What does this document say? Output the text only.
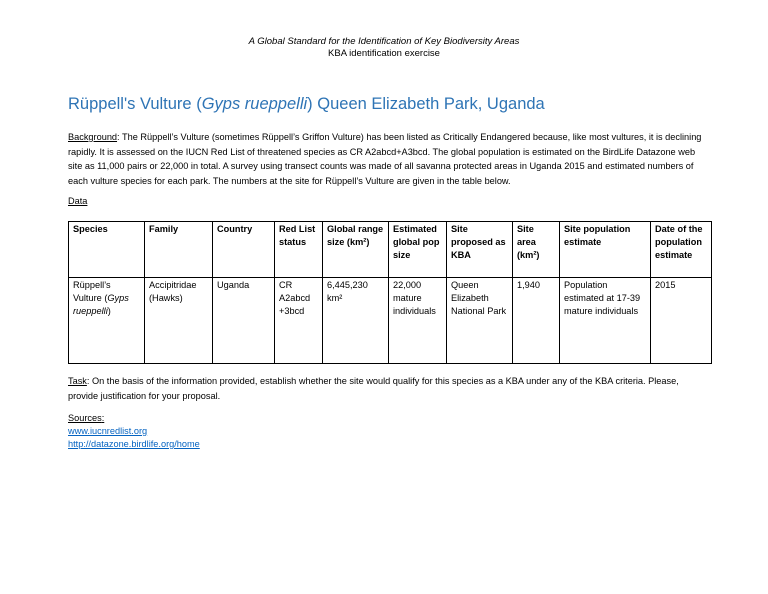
A Global Standard for the Identification of Key Biodiversity Areas
KBA identification exercise
Rüppell's Vulture (Gyps rueppelli) Queen Elizabeth Park, Uganda
Background: The Rüppell’s Vulture (sometimes Rüppell’s Griffon Vulture) has been listed as Critically Endangered because, like most vultures, it is declining rapidly. It is assessed on the IUCN Red List of threatened species as CR A2abcd+A3bcd. The global population is estimated on the BirdLife Datazone web site as 11,000 pairs or 22,000 in total. A survey using transect counts was made of all savanna protected areas in Uganda 2015 and estimated numbers of each vulture species for each park. The numbers at the site for Rüppell’s Vulture are given in the table below.
Data
Species	Family	Country	Red List status	Global range size (km²)	Estimated global pop size	Site proposed as KBA	Site area (km²)	Site population estimate	Date of the population estimate
Rüppell’s Vulture (Gyps rueppelli)	Accipitridae (Hawks)	Uganda	CR A2abcd +3bcd	6,445,230 km²	22,000 mature individuals	Queen Elizabeth National Park	1,940	Population estimated at 17-39 mature individuals	2015
Task: On the basis of the information provided, establish whether the site would qualify for this species as a KBA under any of the KBA criteria. Please, provide justification for your proposal.
Sources:
www.iucnredlist.org
http://datazone.birdlife.org/home
